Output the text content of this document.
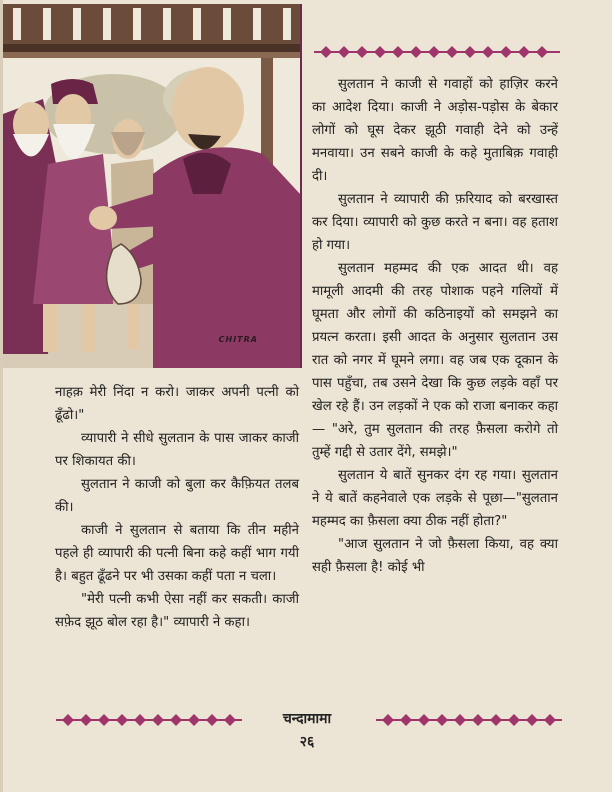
CHITRA

नाहक़ मेरी निंदा न करो। जाकर अपनी पत्नी को ढूँढो।"

व्यापारी ने सीधे सुलतान के पास जाकर काजी पर शिकायत की।

सुलतान ने काजी को बुला कर कैफ़ियत तलब की।

काजी ने सुलतान से बताया कि तीन महीने पहले ही व्यापारी की पत्नी बिना कहे कहीं भाग गयी है। बहुत ढूँढने पर भी उसका कहीं पता न चला।

"मेरी पत्नी कभी ऐसा नहीं कर सकती। काजी सफ़ेद झूठ बोल रहा है।" व्यापारी ने कहा।

सुलतान ने काजी से गवाहों को हाज़िर करने का आदेश दिया। काजी ने अड़ोस-पड़ोस के बेकार लोगों को घूस देकर झूठी गवाही देने को उन्हें मनवाया। उन सबने काजी के कहे मुताबिक़ गवाही दी।

सुलतान ने व्यापारी की फ़रियाद को बरखास्त कर दिया। व्यापारी को कुछ करते न बना। वह हताश हो गया।

सुलतान महम्मद की एक आदत थी। वह मामूली आदमी की तरह पोशाक पहने गलियों में घूमता और लोगों की कठिनाइयों को समझने का प्रयत्न करता। इसी आदत के अनुसार सुलतान उस रात को नगर में घूमने लगा। वह जब एक दूकान के पास पहुँचा, तब उसने देखा कि कुछ लड़के वहाँ पर खेल रहे हैं। उन लड़कों ने एक को राजा बनाकर कहा— "अरे, तुम सुलतान की तरह फ़ैसला करोगे तो तुम्हें गद्दी से उतार देंगे, समझे।"

सुलतान ये बातें सुनकर दंग रह गया। सुलतान ने ये बातें कहनेवाले एक लड़के से पूछा—"सुलतान महम्मद का फ़ैसला क्या ठीक नहीं होता?"

"आज सुलतान ने जो फ़ैसला किया, वह क्या सही फ़ैसला है! कोई भी

चन्दामामा
२६
